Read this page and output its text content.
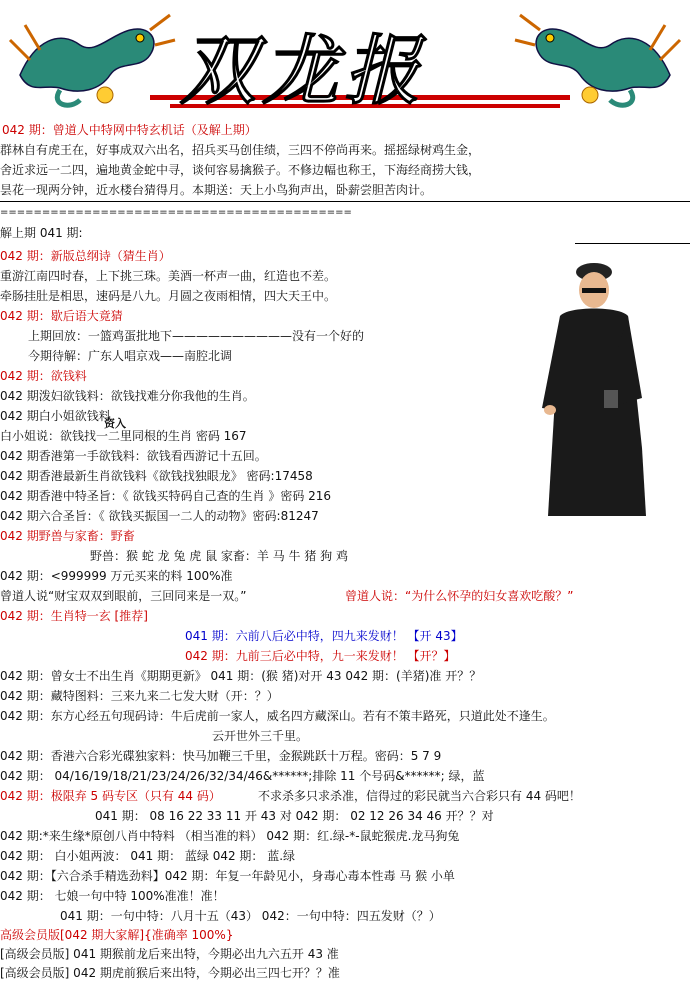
双龙报
042 期：曾道人中特网中特玄机话（及解上期）
群林自有虎王在，好事成双六出名，招兵买马创佳绩，三四不停尚再来。摇摇绿树鸡生金，
舍近求远一二四，遍地黄金蛇中寻，谈何容易擒猴子。不修边幅也称王，下海经商捞大钱，
昙花一现两分钟，近水楼台猜得月。本期送：天上小鸟狗声出，卧薪尝胆苦肉计。
==========================================
解上期 041 期:
042 期：新版总纲诗（猜生肖）
重游江南四时春，上下挑三珠。美酒一杯声一曲，红造也不差。
牵肠挂肚是相思，速码是八九。月圆之夜雨相情，四大天王中。
042 期：歇后语大竟猜
上期回放：一篮鸡蛋批地下——————————没有一个好的
今期待解：广东人唱京戏——南腔北调
042 期：欲钱料
042 期泼妇欲钱料：欲钱找难分你我他的生肖。
042 期白小姐欲钱料
资入
白小姐说：欲钱找一二里同根的生肖 密码 167
042 期香港第一手欲钱料：欲钱看西游记十五回。
042 期香港最新生肖欲钱料《欲钱找独眼龙》 密码:17458
042 期香港中特圣旨：《 欲钱买特码自己查的生肖 》密码 216
042 期六合圣旨：《 欲钱买振国一二人的动物》密码:81247
042 期野兽与家畜：野畜
野兽：猴 蛇 龙 兔 虎 鼠 家畜：羊 马 牛 猪 狗 鸡
042 期：<999999 万元买来的料 100%准
曾道人说“财宝双双到眼前，三回同来是一双。”	曾道人说：“为什么怀孕的妇女喜欢吃酸？”
042 期：生肖特一玄 [推荐]
041 期：六前八后必中特，四九来发财！ 【开 43】
042 期：九前三后必中特，九一来发财！ 【开？】
042 期：曾女士不出生肖《期期更新》 041 期：(猴 猪)对开 43 042 期：(羊猪)准 开？？
042 期：藏特图料：三来九来二七发大财（开：？）
042 期：东方心经五句现码诗：牛后虎前一家人，威名四方藏深山。若有不策丰路死，只道此处不逢生。
云开世外三千里。
042 期：香港六合彩光碟独家料：快马加鞭三千里，金猴跳跃十万程。密码：5 7 9
042 期： 04/16/19/18/21/23/24/26/32/34/46&******;排除 11 个号码&******; 绿，蓝
042 期：极限弃 5 码专区（只有 44 码）	不求杀多只求杀准，信得过的彩民就当六合彩只有 44 码吧！
041 期： 08 16 22 33 11 开 43 对 042 期： 02 12 26 34 46 开？？对
042 期:*来生缘*原创八肖中特料 （相当准的料） 042 期：红.绿-*-鼠蛇猴虎.龙马狗兔
042 期： 白小姐两波： 041 期： 蓝绿 042 期： 蓝.绿
042 期：【六合杀手精选劲料】042 期：年复一年龄见小，身毒心毒本性毒 马 猴 小单
042 期： 七娘一句中特 100%准准！准！
041 期：一句中特：八月十五（43） 042：一句中特：四五发财（？）
高级会员版[042 期大家解]{准确率 100%}
[高级会员版] 041 期猴前龙后来出特，今期必出九六五开 43 准
[高级会员版] 042 期虎前猴后来出特，今期必出三四七开？？准
